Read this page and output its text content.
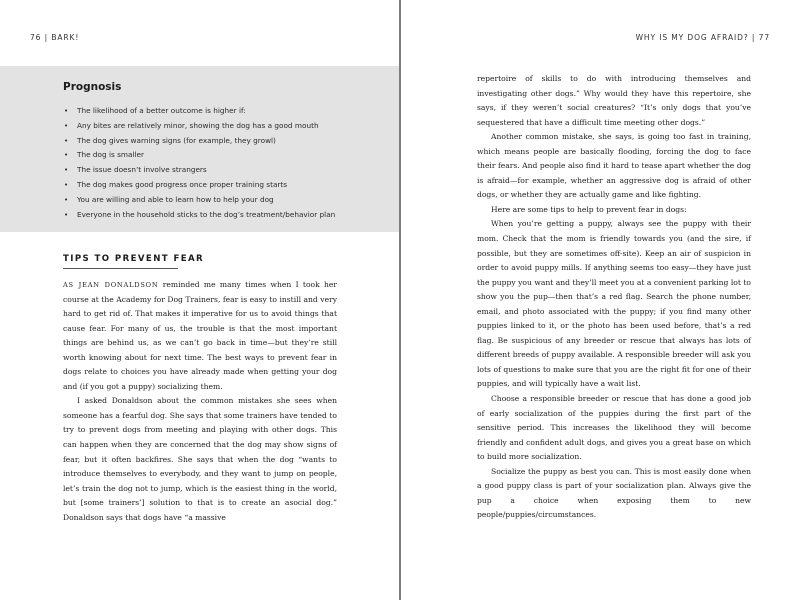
76 | BARK!
Prognosis
• The likelihood of a better outcome is higher if:
• Any bites are relatively minor, showing the dog has a good mouth
• The dog gives warning signs (for example, they growl)
• The dog is smaller
• The issue doesn’t involve strangers
• The dog makes good progress once proper training starts
• You are willing and able to learn how to help your dog
• Everyone in the household sticks to the dog’s treatment/behavior plan
TIPS TO PREVENT FEAR

AS JEAN DONALDSON reminded me many times when I took her course at the Academy for Dog Trainers, fear is easy to instill and very hard to get rid of. That makes it imperative for us to avoid things that cause fear. For many of us, the trouble is that the most important things are behind us, as we can’t go back in time—but they’re still worth knowing about for next time. The best ways to prevent fear in dogs relate to choices you have already made when getting your dog and (if you got a puppy) socializing them.

I asked Donaldson about the common mistakes she sees when someone has a fearful dog. She says that some trainers have tended to try to prevent dogs from meeting and playing with other dogs. This can happen when they are concerned that the dog may show signs of fear, but it often backfires. She says that when the dog “wants to introduce themselves to everybody, and they want to jump on people, let’s train the dog not to jump, which is the easiest thing in the world, but [some trainers’] solution to that is to create an asocial dog.” Donaldson says that dogs have “a massive

WHY IS MY DOG AFRAID? | 77

repertoire of skills to do with introducing themselves and investigating other dogs.” Why would they have this repertoire, she says, if they weren’t social creatures? “It’s only dogs that you’ve sequestered that have a difficult time meeting other dogs.”

Another common mistake, she says, is going too fast in training, which means people are basically flooding, forcing the dog to face their fears. And people also find it hard to tease apart whether the dog is afraid—for example, whether an aggressive dog is afraid of other dogs, or whether they are actually game and like fighting.

Here are some tips to help to prevent fear in dogs:

When you’re getting a puppy, always see the puppy with their mom. Check that the mom is friendly towards you (and the sire, if possible, but they are sometimes off-site). Keep an air of suspicion in order to avoid puppy mills. If anything seems too easy—they have just the puppy you want and they’ll meet you at a convenient parking lot to show you the pup—then that’s a red flag. Search the phone number, email, and photo associated with the puppy; if you find many other puppies linked to it, or the photo has been used before, that’s a red flag. Be suspicious of any breeder or rescue that always has lots of different breeds of puppy available. A responsible breeder will ask you lots of questions to make sure that you are the right fit for one of their puppies, and will typically have a wait list.

Choose a responsible breeder or rescue that has done a good job of early socialization of the puppies during the first part of the sensitive period. This increases the likelihood they will become friendly and confident adult dogs, and gives you a great base on which to build more socialization.

Socialize the puppy as best you can. This is most easily done when a good puppy class is part of your socialization plan. Always give the pup a choice when exposing them to new people/puppies/circumstances.
